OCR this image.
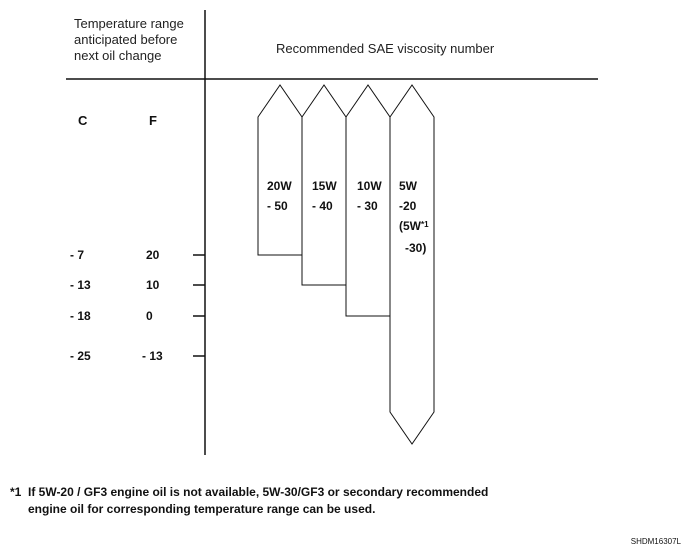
Temperature range
anticipated before
next oil change	Recommended SAE viscosity number
C	F
- 7	20
- 13	10
- 18	0
- 25	- 13
20W
- 50
15W
- 40
10W
- 30
5W
-20
($5W^{*1}$
-30)
*1 If 5W-20 / GF3 engine oil is not available, 5W-30/GF3 or secondary recommended
engine oil for corresponding temperature range can be used.
SHDM16307L
